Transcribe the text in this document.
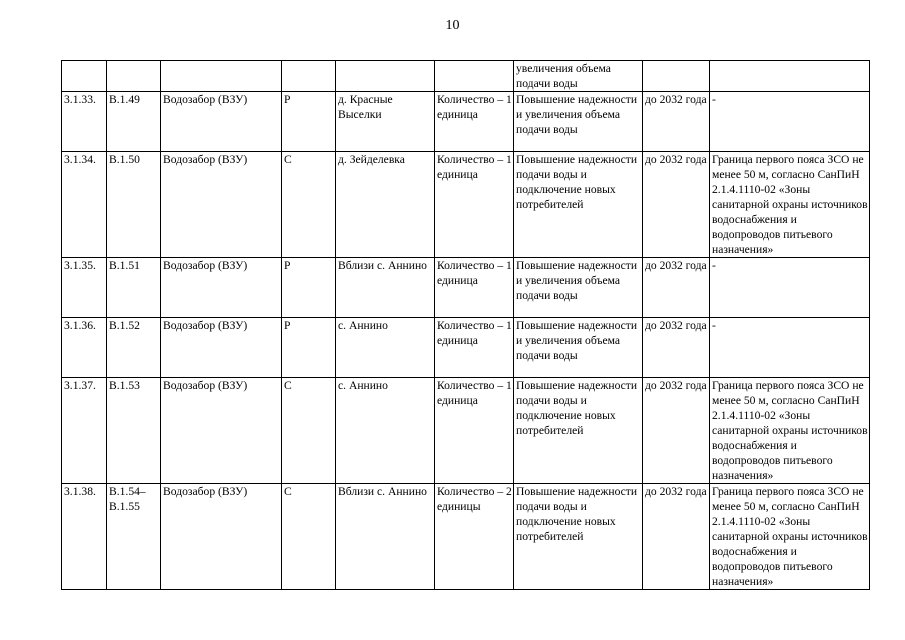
10
						увеличения объема подачи воды		
3.1.33.	В.1.49	Водозабор (ВЗУ)	Р	д. Красные Выселки	Количество – 1 единица	Повышение надежности и увеличения объема подачи воды	до 2032 года	-
3.1.34.	В.1.50	Водозабор (ВЗУ)	С	д. Зейделевка	Количество – 1 единица	Повышение надежности подачи воды и подключение новых потребителей	до 2032 года	Граница первого пояса ЗСО не менее 50 м, согласно СанПиН 2.1.4.1110-02 «Зоны санитарной охраны источников водоснабжения и водопроводов питьевого назначения»
3.1.35.	В.1.51	Водозабор (ВЗУ)	Р	Вблизи с. Аннино	Количество – 1 единица	Повышение надежности и увеличения объема подачи воды	до 2032 года	-
3.1.36.	В.1.52	Водозабор (ВЗУ)	Р	с. Аннино	Количество – 1 единица	Повышение надежности и увеличения объема подачи воды	до 2032 года	-
3.1.37.	В.1.53	Водозабор (ВЗУ)	С	с. Аннино	Количество – 1 единица	Повышение надежности подачи воды и подключение новых потребителей	до 2032 года	Граница первого пояса ЗСО не менее 50 м, согласно СанПиН 2.1.4.1110-02 «Зоны санитарной охраны источников водоснабжения и водопроводов питьевого назначения»
3.1.38.	В.1.54–В.1.55	Водозабор (ВЗУ)	С	Вблизи с. Аннино	Количество – 2 единицы	Повышение надежности подачи воды и подключение новых потребителей	до 2032 года	Граница первого пояса ЗСО не менее 50 м, согласно СанПиН 2.1.4.1110-02 «Зоны санитарной охраны источников водоснабжения и водопроводов питьевого назначения»
